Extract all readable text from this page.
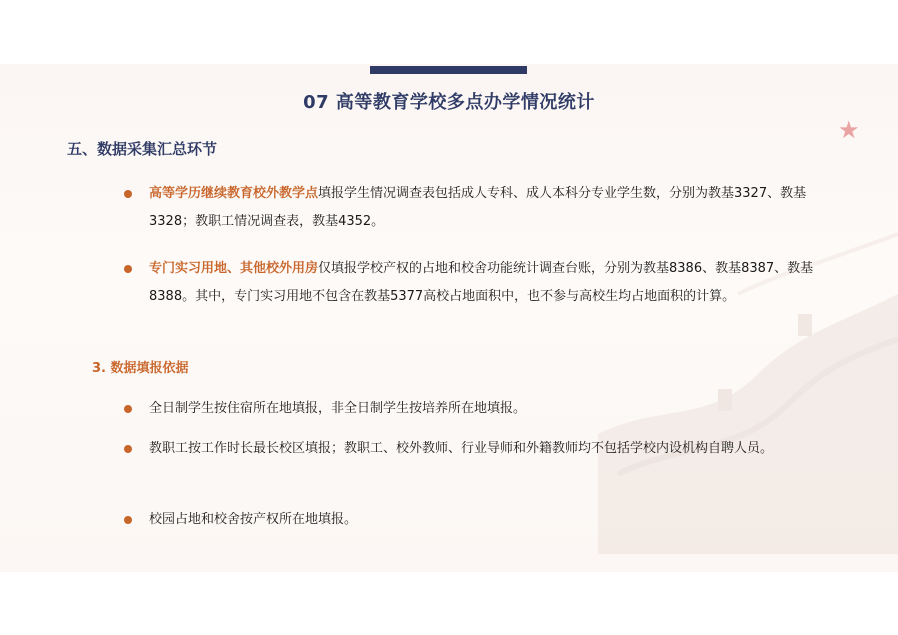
07 高等教育学校多点办学情况统计
★
五、数据采集汇总环节
高等学历继续教育校外教学点填报学生情况调查表包括成人专科、成人本科分专业学生数，分别为教基3327、教基3328；教职工情况调查表，教基4352。
专门实习用地、其他校外用房仅填报学校产权的占地和校舍功能统计调查台账，分别为教基8386、教基8387、教基8388。其中，专门实习用地不包含在教基5377高校占地面积中，也不参与高校生均占地面积的计算。
3. 数据填报依据
全日制学生按住宿所在地填报，非全日制学生按培养所在地填报。
教职工按工作时长最长校区填报；教职工、校外教师、行业导师和外籍教师均不包括学校内设机构自聘人员。
校园占地和校舍按产权所在地填报。
